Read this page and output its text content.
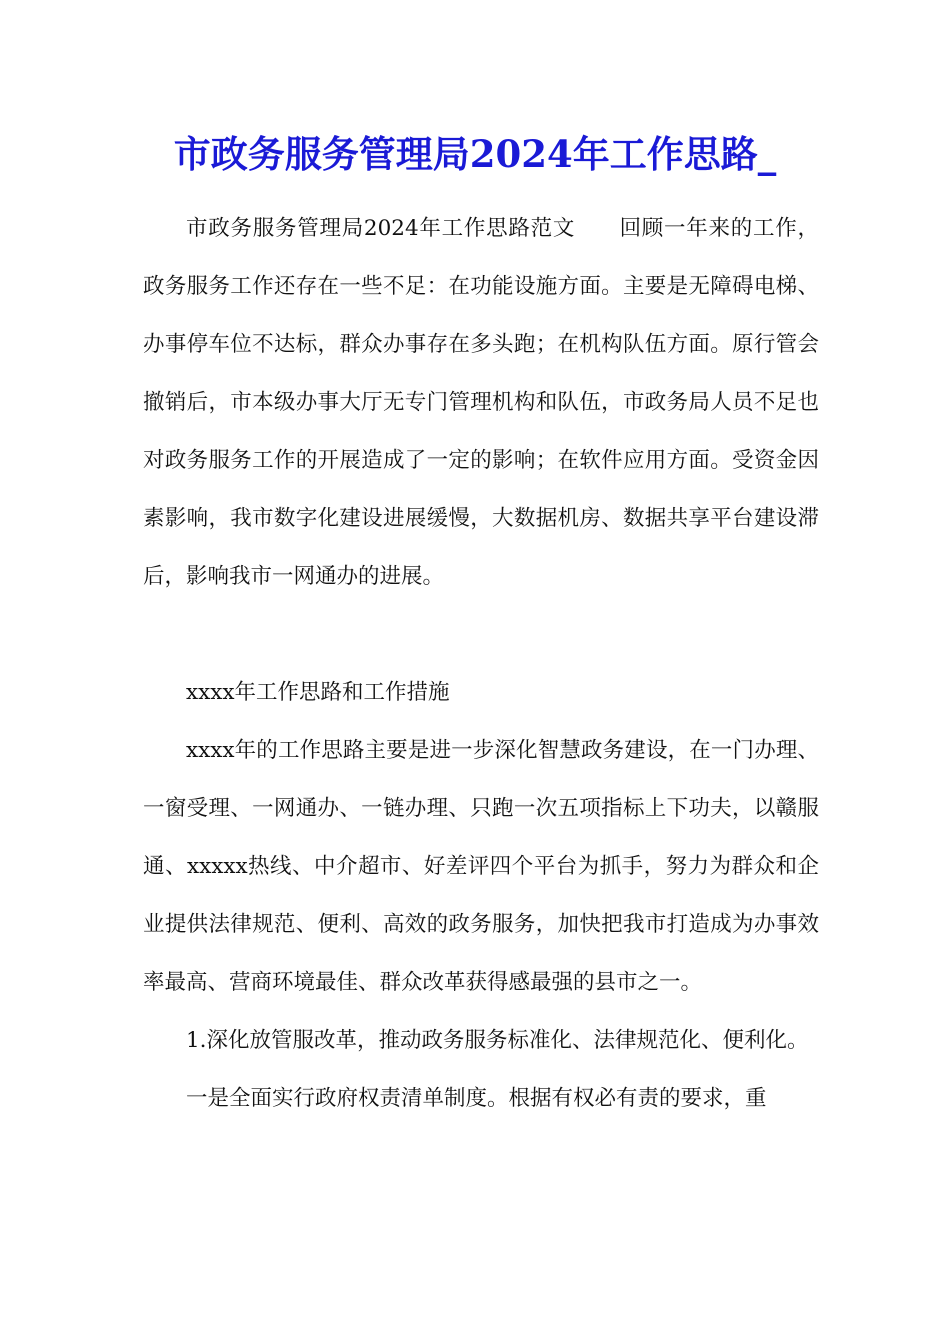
市政务服务管理局2024年工作思路_

市政务服务管理局2024年工作思路范文　　回顾一年来的工作，政务服务工作还存在一些不足：在功能设施方面。主要是无障碍电梯、办事停车位不达标，群众办事存在多头跑；在机构队伍方面。原行管会撤销后，市本级办事大厅无专门管理机构和队伍，市政务局人员不足也对政务服务工作的开展造成了一定的影响；在软件应用方面。受资金因素影响，我市数字化建设进展缓慢，大数据机房、数据共享平台建设滞后，影响我市一网通办的进展。

xxxx年工作思路和工作措施

xxxx年的工作思路主要是进一步深化智慧政务建设，在一门办理、一窗受理、一网通办、一链办理、只跑一次五项指标上下功夫，以赣服通、xxxxx热线、中介超市、好差评四个平台为抓手，努力为群众和企业提供法律规范、便利、高效的政务服务，加快把我市打造成为办事效率最高、营商环境最佳、群众改革获得感最强的县市之一。

1.深化放管服改革，推动政务服务标准化、法律规范化、便利化。

一是全面实行政府权责清单制度。根据有权必有责的要求，重
